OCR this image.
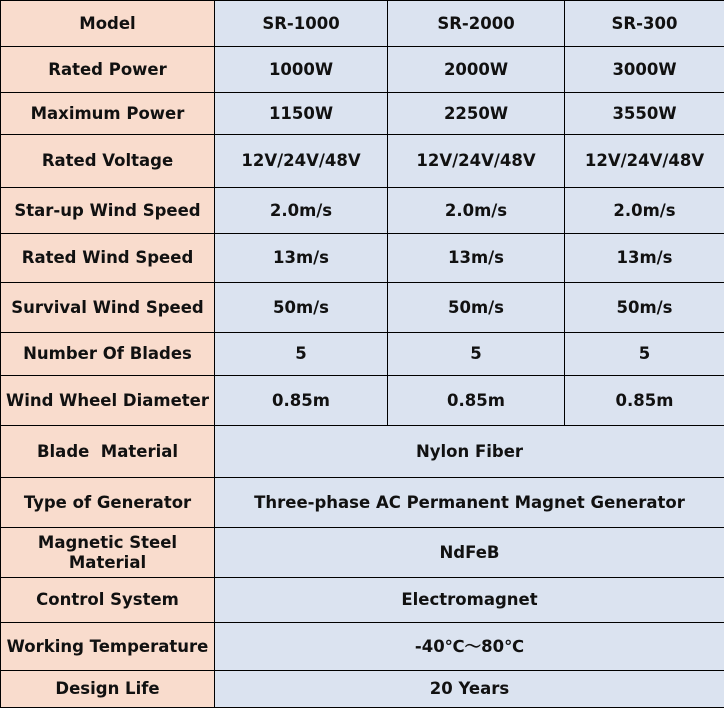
Model	SR-1000	SR-2000	SR-300
Rated Power	1000W	2000W	3000W
Maximum Power	1150W	2250W	3550W
Rated Voltage	12V/24V/48V	12V/24V/48V	12V/24V/48V
Star-up Wind Speed	2.0m/s	2.0m/s	2.0m/s
Rated Wind Speed	13m/s	13m/s	13m/s
Survival Wind Speed	50m/s	50m/s	50m/s
Number Of Blades	5	5	5
Wind Wheel Diameter	0.85m	0.85m	0.85m
Blade  Material	Nylon Fiber		
Type of Generator	Three-phase AC Permanent Magnet Generator		
Magnetic Steel Material	NdFeB		
Control System	Electromagnet		
Working Temperature	-40℃～80℃		
Design Life	20 Years		
